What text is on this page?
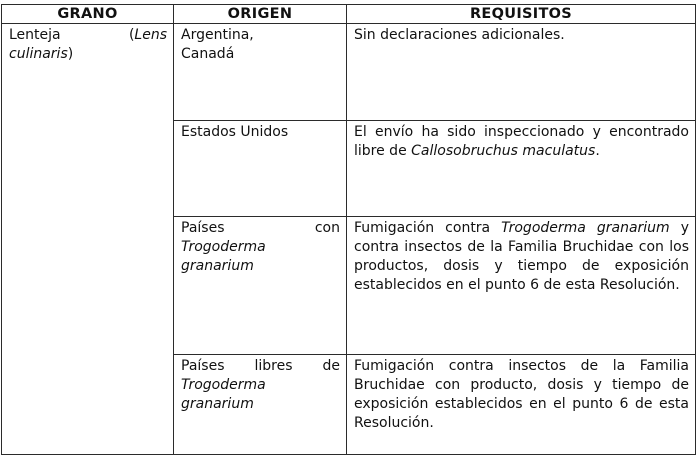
GRANO	ORIGEN	REQUISITOS

Lenteja (Lens
culinaris)	Argentina, Canadá	Sin declaraciones adicionales.

	Estados Unidos	El envío ha sido inspeccionado y encontrado libre de Callosobruchus maculatus.

	Países con Trogoderma granarium	Fumigación contra Trogoderma granarium y contra insectos de la Familia Bruchidae con los productos, dosis y tiempo de exposición establecidos en el punto 6 de esta Resolución.

	Países libres de Trogoderma granarium	Fumigación contra insectos de la Familia Bruchidae con producto, dosis y tiempo de exposición establecidos en el punto 6 de esta Resolución.
